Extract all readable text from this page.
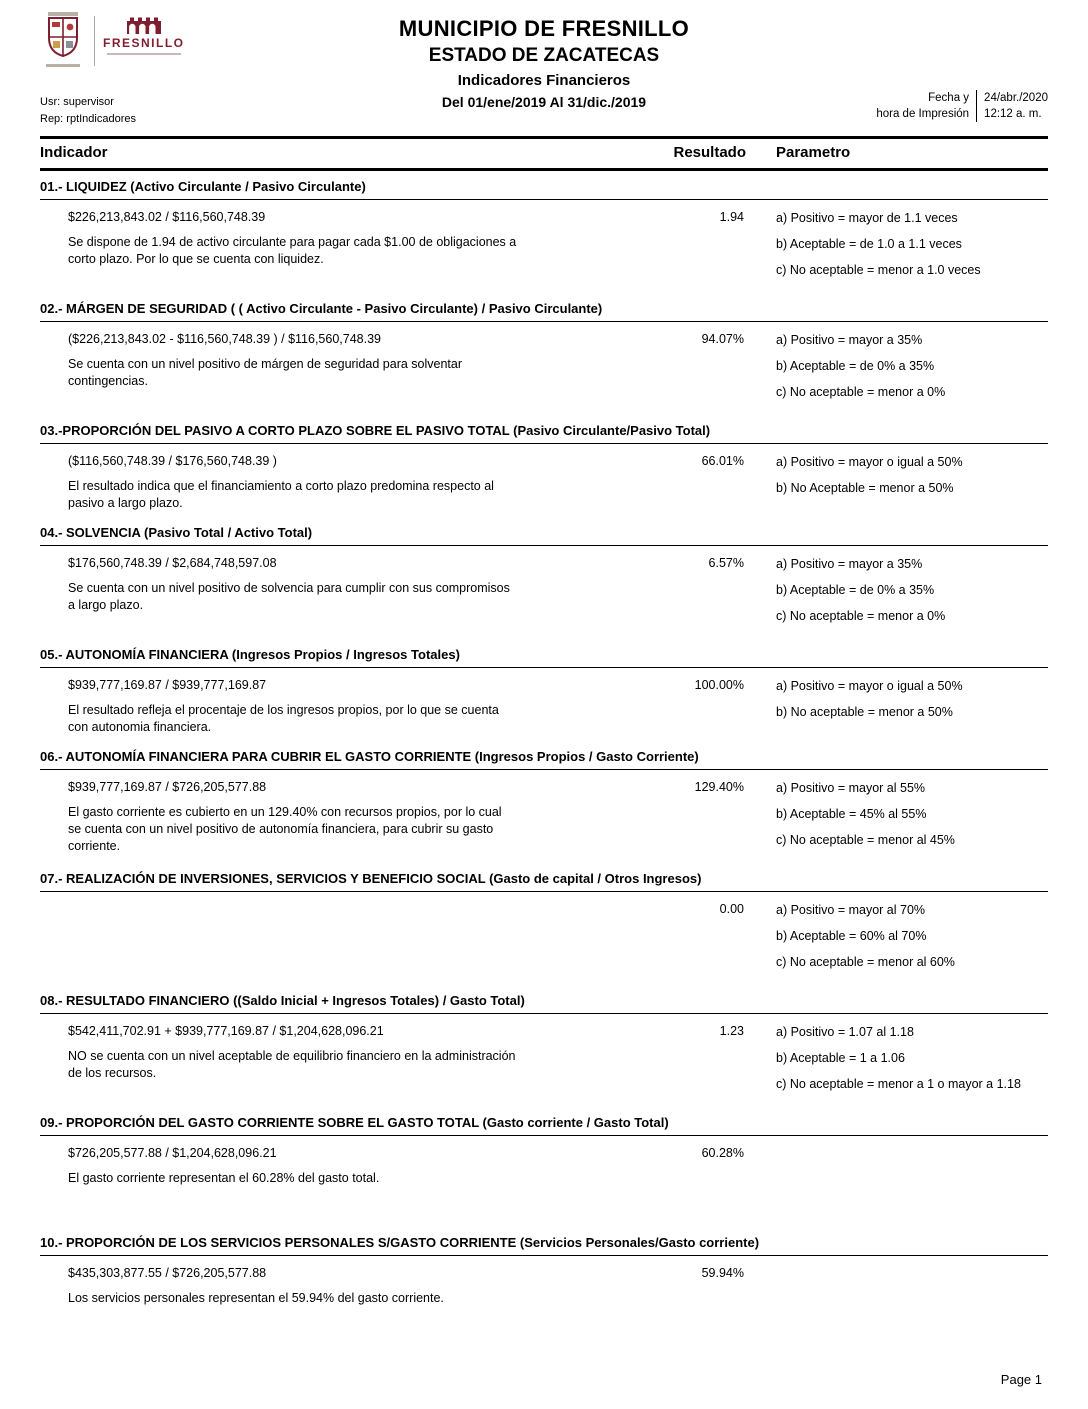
FRESNILLO
MUNICIPIO DE FRESNILLO
ESTADO DE ZACATECAS
Indicadores Financieros
Del 01/ene/2019 Al 31/dic./2019
Usr: supervisor
Rep: rptIndicadores
Fecha y
hora de Impresión
24/abr./2020
12:12 a. m.
Indicador	Resultado	Parametro
01.- LIQUIDEZ (Activo Circulante / Pasivo Circulante)
$226,213,843.02 / $116,560,748.39
Se dispone de 1.94 de activo circulante para pagar cada $1.00 de obligaciones a corto plazo. Por lo que se cuenta con liquidez.
1.94	a) Positivo = mayor de 1.1 veces
b) Aceptable = de 1.0 a 1.1 veces
c) No aceptable = menor a 1.0 veces
02.- MÁRGEN DE SEGURIDAD ( ( Activo Circulante - Pasivo Circulante) / Pasivo Circulante)
($226,213,843.02 - $116,560,748.39 ) / $116,560,748.39
Se cuenta con un nivel positivo de márgen de seguridad para solventar contingencias.
94.07%	a) Positivo = mayor a 35%
b) Aceptable = de 0% a 35%
c) No aceptable = menor a 0%
03.-PROPORCIÓN DEL PASIVO A CORTO PLAZO SOBRE EL PASIVO TOTAL (Pasivo Circulante/Pasivo Total)
($116,560,748.39 / $176,560,748.39 )
El resultado indica que el financiamiento a corto plazo predomina respecto al pasivo a largo plazo.
66.01%	a) Positivo = mayor o igual a 50%
b) No Aceptable = menor a 50%
04.- SOLVENCIA (Pasivo Total / Activo Total)
$176,560,748.39 / $2,684,748,597.08
Se cuenta con un nivel positivo de solvencia para cumplir con sus compromisos a largo plazo.
6.57%	a) Positivo = mayor a 35%
b) Aceptable = de 0% a 35%
c) No aceptable = menor a 0%
05.- AUTONOMÍA FINANCIERA (Ingresos Propios / Ingresos Totales)
$939,777,169.87 / $939,777,169.87
El resultado refleja el procentaje de los ingresos propios, por lo que se cuenta con autonomia financiera.
100.00%	a) Positivo = mayor o igual a 50%
b) No aceptable = menor a 50%
06.- AUTONOMÍA FINANCIERA PARA CUBRIR EL GASTO CORRIENTE (Ingresos Propios / Gasto Corriente)
$939,777,169.87 / $726,205,577.88
El gasto corriente es cubierto en un 129.40% con recursos propios, por lo cual se cuenta con un nivel positivo de autonomía financiera, para cubrir su gasto corriente.
129.40%	a) Positivo = mayor al 55%
b) Aceptable = 45% al 55%
c) No aceptable = menor al 45%
07.- REALIZACIÓN DE INVERSIONES, SERVICIOS Y BENEFICIO SOCIAL (Gasto de capital / Otros Ingresos)
0.00	a) Positivo = mayor al 70%
b) Aceptable = 60% al 70%
c) No aceptable = menor al 60%
08.- RESULTADO FINANCIERO ((Saldo Inicial + Ingresos Totales) / Gasto Total)
$542,411,702.91 + $939,777,169.87 / $1,204,628,096.21
NO se cuenta con un nivel aceptable de equilibrio financiero en la administración de los recursos.
1.23	a) Positivo = 1.07 al 1.18
b) Aceptable = 1 a 1.06
c) No aceptable = menor a 1 o mayor a 1.18
09.- PROPORCIÓN DEL GASTO CORRIENTE SOBRE EL GASTO TOTAL (Gasto corriente / Gasto Total)
$726,205,577.88 / $1,204,628,096.21
El gasto corriente representan el 60.28% del gasto total.
60.28%
10.- PROPORCIÓN DE LOS SERVICIOS PERSONALES S/GASTO CORRIENTE (Servicios Personales/Gasto corriente)
$435,303,877.55 / $726,205,577.88
Los servicios personales representan el 59.94% del gasto corriente.
59.94%
Page 1
